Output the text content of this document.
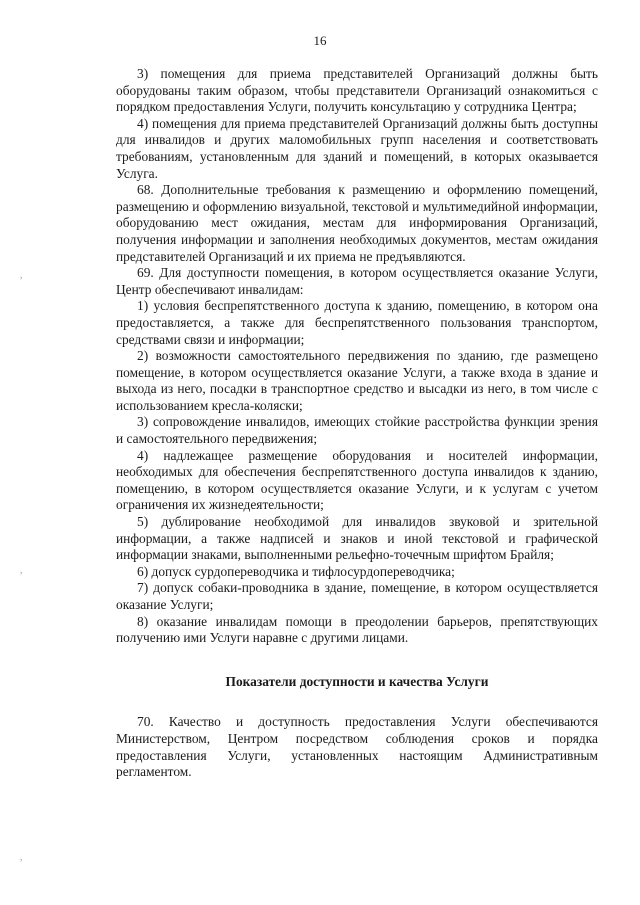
16
,
,
,

3) помещения для приема представителей Организаций должны быть оборудованы таким образом, чтобы представители Организаций ознакомиться с порядком предоставления Услуги, получить консультацию у сотрудника Центра;

4) помещения для приема представителей Организаций должны быть доступны для инвалидов и других маломобильных групп населения и соответствовать требованиям, установленным для зданий и помещений, в которых оказывается Услуга.

68. Дополнительные требования к размещению и оформлению помещений, размещению и оформлению визуальной, текстовой и мультимедийной информации, оборудованию мест ожидания, местам для информирования Организаций, получения информации и заполнения необходимых документов, местам ожидания представителей Организаций и их приема не предъявляются.

69. Для доступности помещения, в котором осуществляется оказание Услуги, Центр обеспечивают инвалидам:

1) условия беспрепятственного доступа к зданию, помещению, в котором она предоставляется, а также для беспрепятственного пользования транспортом, средствами связи и информации;

2) возможности самостоятельного передвижения по зданию, где размещено помещение, в котором осуществляется оказание Услуги, а также входа в здание и выхода из него, посадки в транспортное средство и высадки из него, в том числе с использованием кресла-коляски;

3) сопровождение инвалидов, имеющих стойкие расстройства функции зрения и самостоятельного передвижения;

4) надлежащее размещение оборудования и носителей информации, необходимых для обеспечения беспрепятственного доступа инвалидов к зданию, помещению, в котором осуществляется оказание Услуги, и к услугам с учетом ограничения их жизнедеятельности;

5) дублирование необходимой для инвалидов звуковой и зрительной информации, а также надписей и знаков и иной текстовой и графической информации знаками, выполненными рельефно-точечным шрифтом Брайля;

6) допуск сурдопереводчика и тифлосурдопереводчика;

7) допуск собаки-проводника в здание, помещение, в котором осуществляется оказание Услуги;

8) оказание инвалидам помощи в преодолении барьеров, препятствующих получению ими Услуги наравне с другими лицами.

Показатели доступности и качества Услуги

70. Качество и доступность предоставления Услуги обеспечиваются Министерством, Центром посредством соблюдения сроков и порядка предоставления Услуги, установленных настоящим Административным регламентом.
